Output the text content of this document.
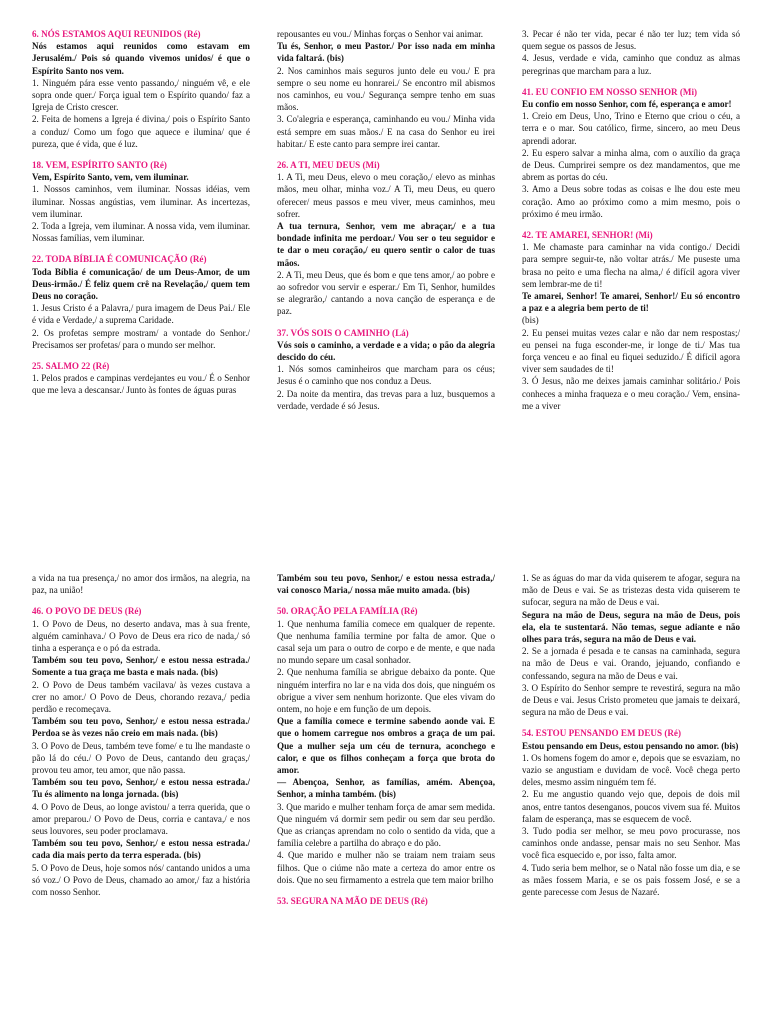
6. NÓS ESTAMOS AQUI REUNIDOS (Ré)
Nós estamos aqui reunidos como estavam em Jerusalém./ Pois só quando vivemos unidos/ é que o Espírito Santo nos vem.
1. Ninguém pára esse vento passando,/ ninguém vê, e ele sopra onde quer./ Força igual tem o Espírito quando/ faz a Igreja de Cristo crescer.
2. Feita de homens a Igreja é divina,/ pois o Espírito Santo a conduz/ Como um fogo que aquece e ilumina/ que é pureza, que é vida, que é luz.
18. VEM, ESPÍRITO SANTO (Ré)
Vem, Espírito Santo, vem, vem iluminar.
1. Nossos caminhos, vem iluminar. Nossas idéias, vem iluminar. Nossas angústias, vem iluminar. As incertezas, vem iluminar.
2. Toda a Igreja, vem iluminar. A nossa vida, vem iluminar. Nossas famílias, vem iluminar.
22. TODA BÍBLIA É COMUNICAÇÃO (Ré)
Toda Bíblia é comunicação/ de um Deus-Amor, de um Deus-irmão./ É feliz quem crê na Revelação,/ quem tem Deus no coração.
1. Jesus Cristo é a Palavra,/ pura imagem de Deus Pai./ Ele é vida e Verdade,/ a suprema Caridade.
2. Os profetas sempre mostram/ a vontade do Senhor./ Precisamos ser profetas/ para o mundo ser melhor.
25. SALMO 22 (Ré)
1. Pelos prados e campinas verdejantes eu vou./ É o Senhor que me leva a descansar./ Junto às fontes de águas puras
repousantes eu vou./ Minhas forças o Senhor vai animar.
Tu és, Senhor, o meu Pastor./ Por isso nada em minha vida faltará. (bis)
2. Nos caminhos mais seguros junto dele eu vou./ E pra sempre o seu nome eu honrarei./ Se encontro mil abismos nos caminhos, eu vou./ Segurança sempre tenho em suas mãos.
3. Co'alegria e esperança, caminhando eu vou./ Minha vida está sempre em suas mãos./ E na casa do Senhor eu irei habitar./ E este canto para sempre irei cantar.
26. A TI, MEU DEUS (Mi)
1. A Ti, meu Deus, elevo o meu coração,/ elevo as minhas mãos, meu olhar, minha voz./ A Ti, meu Deus, eu quero oferecer/ meus passos e meu viver, meus caminhos, meu sofrer.
A tua ternura, Senhor, vem me abraçar,/ e a tua bondade infinita me perdoar./ Vou ser o teu seguidor e te dar o meu coração,/ eu quero sentir o calor de tuas mãos.
2. A Ti, meu Deus, que és bom e que tens amor,/ ao pobre e ao sofredor vou servir e esperar./ Em Ti, Senhor, humildes se alegrarão,/ cantando a nova canção de esperança e de paz.
37. VÓS SOIS O CAMINHO (Lá)
Vós sois o caminho, a verdade e a vida; o pão da alegria descido do céu.
1. Nós somos caminheiros que marcham para os céus; Jesus é o caminho que nos conduz a Deus.
2. Da noite da mentira, das trevas para a luz, busquemos a verdade, verdade é só Jesus.
3. Pecar é não ter vida, pecar é não ter luz; tem vida só quem segue os passos de Jesus.
4. Jesus, verdade e vida, caminho que conduz as almas peregrinas que marcham para a luz.
41. EU CONFIO EM NOSSO SENHOR (Mi)
Eu confio em nosso Senhor, com fé, esperança e amor!
1. Creio em Deus, Uno, Trino e Eterno que criou o céu, a terra e o mar. Sou católico, firme, sincero, ao meu Deus aprendi adorar.
2. Eu espero salvar a minha alma, com o auxílio da graça de Deus. Cumprirei sempre os dez mandamentos, que me abrem as portas do céu.
3. Amo a Deus sobre todas as coisas e lhe dou este meu coração. Amo ao próximo como a mim mesmo, pois o próximo é meu irmão.
42. TE AMAREI, SENHOR! (Mi)
1. Me chamaste para caminhar na vida contigo./ Decidi para sempre seguir-te, não voltar atrás./ Me puseste uma brasa no peito e uma flecha na alma,/ é difícil agora viver sem lembrar-me de ti!
Te amarei, Senhor! Te amarei, Senhor!/ Eu só encontro a paz e a alegria bem perto de ti!
(bis)
2. Eu pensei muitas vezes calar e não dar nem respostas;/ eu pensei na fuga esconder-me, ir longe de ti./ Mas tua força venceu e ao final eu fiquei seduzido./ É difícil agora viver sem saudades de ti!
3. Ó Jesus, não me deixes jamais caminhar solitário./ Pois conheces a minha fraqueza e o meu coração./ Vem, ensina-me a viver
a vida na tua presença,/ no amor dos irmãos, na alegria, na paz, na união!
46. O POVO DE DEUS (Ré)
1. O Povo de Deus, no deserto andava, mas à sua frente, alguém caminhava./ O Povo de Deus era rico de nada,/ só tinha a esperança e o pó da estrada.
Também sou teu povo, Senhor,/ e estou nessa estrada./ Somente a tua graça me basta e mais nada. (bis)
2. O Povo de Deus também vacilava/ às vezes custava a crer no amor./ O Povo de Deus, chorando rezava,/ pedia perdão e recomeçava.
Também sou teu povo, Senhor,/ e estou nessa estrada./ Perdoa se às vezes não creio em mais nada. (bis)
3. O Povo de Deus, também teve fome/ e tu lhe mandaste o pão lá do céu./ O Povo de Deus, cantando deu graças,/ provou teu amor, teu amor, que não passa.
Também sou teu povo, Senhor,/ e estou nessa estrada./ Tu és alimento na longa jornada. (bis)
4. O Povo de Deus, ao longe avistou/ a terra querida, que o amor preparou./ O Povo de Deus, corria e cantava,/ e nos seus louvores, seu poder proclamava.
Também sou teu povo, Senhor,/ e estou nessa estrada./ cada dia mais perto da terra esperada. (bis)
5. O Povo de Deus, hoje somos nós/ cantando unidos a uma só voz./ O Povo de Deus, chamado ao amor,/ faz a história com nosso Senhor.
Também sou teu povo, Senhor,/ e estou nessa estrada,/ vai conosco Maria,/ nossa mãe muito amada. (bis)
50. ORAÇÃO PELA FAMÍLIA (Ré)
1. Que nenhuma família comece em qualquer de repente. Que nenhuma família termine por falta de amor. Que o casal seja um para o outro de corpo e de mente, e que nada no mundo separe um casal sonhador.
2. Que nenhuma família se abrigue debaixo da ponte. Que ninguém interfira no lar e na vida dos dois, que ninguém os obrigue a viver sem nenhum horizonte. Que eles vivam do ontem, no hoje e em função de um depois.
Que a família comece e termine sabendo aonde vai. E que o homem carregue nos ombros a graça de um pai. Que a mulher seja um céu de ternura, aconchego e calor, e que os filhos conheçam a força que brota do amor.
— Abençoa, Senhor, as famílias, amém. Abençoa, Senhor, a minha também. (bis)
3. Que marido e mulher tenham força de amar sem medida. Que ninguém vá dormir sem pedir ou sem dar seu perdão. Que as crianças aprendam no colo o sentido da vida, que a família celebre a partilha do abraço e do pão.
4. Que marido e mulher não se traiam nem traiam seus filhos. Que o ciúme não mate a certeza do amor entre os dois. Que no seu firmamento a estrela que tem maior brilho
53. SEGURA NA MÃO DE DEUS (Ré)
1. Se as águas do mar da vida quiserem te afogar, segura na mão de Deus e vai. Se as tristezas desta vida quiserem te sufocar, segura na mão de Deus e vai.
Segura na mão de Deus, segura na mão de Deus, pois ela, ela te sustentará. Não temas, segue adiante e não olhes para trás, segura na mão de Deus e vai.
2. Se a jornada é pesada e te cansas na caminhada, segura na mão de Deus e vai. Orando, jejuando, confiando e confessando, segura na mão de Deus e vai.
3. O Espírito do Senhor sempre te revestirá, segura na mão de Deus e vai. Jesus Cristo prometeu que jamais te deixará, segura na mão de Deus e vai.
54. ESTOU PENSANDO EM DEUS (Ré)
Estou pensando em Deus, estou pensando no amor. (bis)
1. Os homens fogem do amor e, depois que se esvaziam, no vazio se angustiam e duvidam de você. Você chega perto deles, mesmo assim ninguém tem fé.
2. Eu me angustio quando vejo que, depois de dois mil anos, entre tantos desenganos, poucos vivem sua fé. Muitos falam de esperança, mas se esquecem de você.
3. Tudo podia ser melhor, se meu povo procurasse, nos caminhos onde andasse, pensar mais no seu Senhor. Mas você fica esquecido e, por isso, falta amor.
4. Tudo seria bem melhor, se o Natal não fosse um dia, e se as mães fossem Maria, e se os pais fossem José, e se a gente parecesse com Jesus de Nazaré.
